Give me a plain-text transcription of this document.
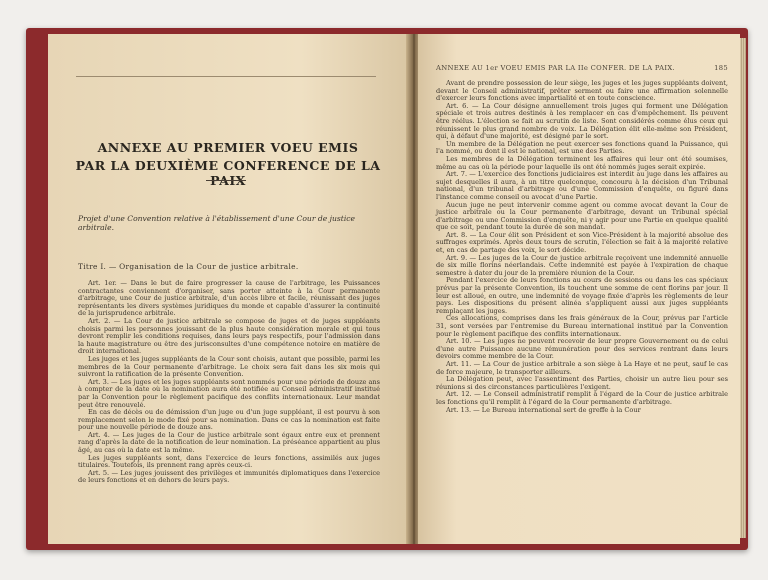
ANNEXE AU PREMIER VOEU EMIS
PAR LA DEUXIÈME CONFERENCE DE LA PAIX
Projet d'une Convention relative à l'établissement d'une Cour de justice arbitrale.
Titre I. — Organisation de la Cour de justice arbitrale.

Art. 1er. — Dans le but de faire progresser la cause de l'arbitrage, les Puissances contractantes conviennent d'organiser, sans porter atteinte à la Cour permanente d'arbitrage, une Cour de justice arbitrale, d'un accès libre et facile, réunissant des juges représentants les divers systèmes juridiques du monde et capable d'assurer la continuité de la jurisprudence arbitrale.

Art. 2. — La Cour de justice arbitrale se compose de juges et de juges suppléants choisis parmi les personnes jouissant de la plus haute considération morale et qui tous devront remplir les conditions requises, dans leurs pays respectifs, pour l'admission dans la haute magistrature ou être des jurisconsultes d'une compétence notoire en matière de droit international.

Les juges et les juges suppléants de la Cour sont choisis, autant que possible, parmi les membres de la Cour permanente d'arbitrage. Le choix sera fait dans les six mois qui suivront la ratification de la présente Convention.

Art. 3. — Les juges et les juges suppléants sont nommés pour une période de douze ans à compter de la date où la nomination aura été notifiée au Conseil administratif institué par la Convention pour le règlement pacifique des conflits internationaux. Leur mandat peut être renouvelé.

En cas de décès ou de démission d'un juge ou d'un juge suppléant, il est pourvu à son remplacement selon le mode fixé pour sa nomination. Dans ce cas la nomination est faite pour une nouvelle période de douze ans.

Art. 4. — Les juges de la Cour de justice arbitrale sont égaux entre eux et prennent rang d'après la date de la notification de leur nomination. La préséance appartient au plus âgé, au cas où la date est la même.

Les juges suppléants sont, dans l'exercice de leurs fonctions, assimilés aux juges titulaires. Toutefois, ils prennent rang après ceux-ci.

Art. 5. — Les juges jouissent des privilèges et immunités diplomatiques dans l'exercice de leurs fonctions et en dehors de leurs pays.

ANNEXE AU 1er VOEU EMIS PAR LA IIe CONFER. DE LA PAIX.	185

Avant de prendre possession de leur siège, les juges et les juges suppléants doivent, devant le Conseil administratif, prêter serment ou faire une affirmation solennelle d'exercer leurs fonctions avec impartialité et en toute conscience.

Art. 6. — La Cour désigne annuellement trois juges qui forment une Délégation spéciale et trois autres destinés à les remplacer en cas d'empêchement. Ils peuvent être réélus. L'élection se fait au scrutin de liste. Sont considérés comme élus ceux qui réunissent le plus grand nombre de voix. La Délégation élit elle-même son Président, qui, à défaut d'une majorité, est désigné par le sort.

Un membre de la Délégation ne peut exercer ses fonctions quand la Puissance, qui l'a nommé, ou dont il est le national, est une des Parties.

Les membres de la Délégation terminent les affaires qui leur ont été soumises, même au cas où la période pour laquelle ils ont été nommés juges serait expirée.

Art. 7. — L'exercice des fonctions judiciaires est interdit au juge dans les affaires au sujet desquelles il aura, à un titre quelconque, concouru à la décision d'un Tribunal national, d'un tribunal d'arbitrage ou d'une Commission d'enquête, ou figuré dans l'instance comme conseil ou avocat d'une Partie.

Aucun juge ne peut intervenir comme agent ou comme avocat devant la Cour de justice arbitrale ou la Cour permanente d'arbitrage, devant un Tribunal spécial d'arbitrage ou une Commission d'enquête, ni y agir pour une Partie en quelque qualité que ce soit, pendant toute la durée de son mandat.

Art. 8. — La Cour élit son Président et son Vice-Président à la majorité absolue des suffrages exprimés. Après deux tours de scrutin, l'élection se fait à la majorité relative et, en cas de partage des voix, le sort décide.

Art. 9. — Les juges de la Cour de justice arbitrale reçoivent une indemnité annuelle de six mille florins néerlandais. Cette indemnité est payée à l'expiration de chaque semestre à dater du jour de la première réunion de la Cour.

Pendant l'exercice de leurs fonctions au cours de sessions ou dans les cas spéciaux prévus par la présente Convention, ils touchent une somme de cent florins par jour. Il leur est alloué, en outre, une indemnité de voyage fixée d'après les règlements de leur pays. Les dispositions du présent alinéa s'appliquent aussi aux juges suppléants remplaçant les juges.

Ces allocations, comprises dans les frais généraux de la Cour, prévus par l'article 31, sont versées par l'entremise du Bureau international institué par la Convention pour le règlement pacifique des conflits internationaux.

Art. 10. — Les juges ne peuvent recevoir de leur propre Gouvernement ou de celui d'une autre Puissance aucune rémunération pour des services rentrant dans leurs devoirs comme membre de la Cour.

Art. 11. — La Cour de justice arbitrale a son siège à La Haye et ne peut, sauf le cas de force majeure, le transporter ailleurs.

La Délégation peut, avec l'assentiment des Parties, choisir un autre lieu pour ses réunions si des circonstances particulières l'exigent.

Art. 12. — Le Conseil administratif remplit à l'égard de la Cour de justice arbitrale les fonctions qu'il remplit à l'égard de la Cour permanente d'arbitrage.

Art. 13. — Le Bureau international sert de greffe à la Cour
